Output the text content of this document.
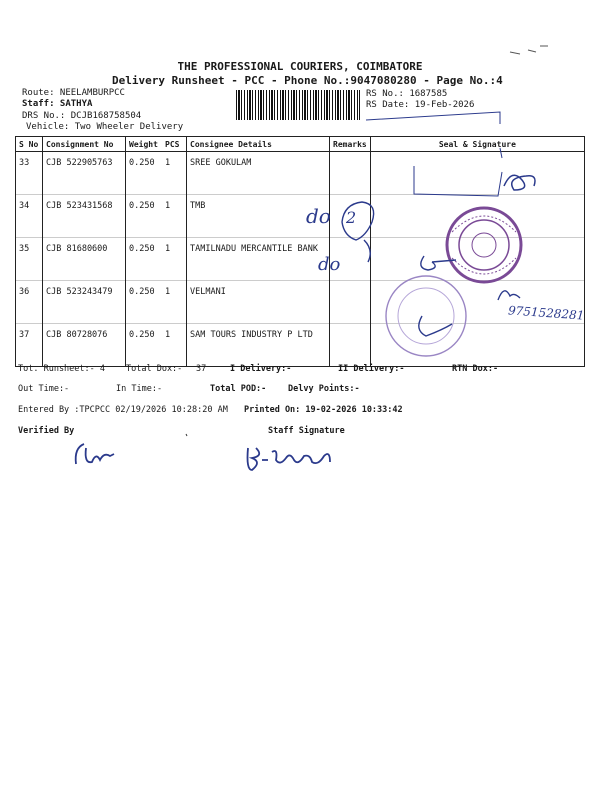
THE PROFESSIONAL COURIERS, COIMBATORE
Delivery Runsheet - PCC - Phone No.:9047080280 - Page No.:4
Route: NEELAMBURPCC
Staff: SATHYA
DRS No.: DCJB168758504
Vehicle: Two Wheeler Delivery
RS No.: 1687585
RS Date: 19-Feb-2026
S No	Consignment No	Weight	PCS	Consignee Details	Remarks	Seal & Signature
33	CJB 522905763	0.250	1	SREE GOKULAM		
34	CJB 523431568	0.250	1	TMB		
35	CJB 81680600	0.250	1	TAMILNADU MERCANTILE BANK		
36	CJB 523243479	0.250	1	VELMANI		
37	CJB 80728076	0.250	1	SAM TOURS INDUSTRY P LTD		
Tot. Runsheet:- 4 Total Dox:- 37	I Delivery:-	II Delivery:-	RTN Dox:-
Out Time:-	In Time:-	Total POD:-	Delvy Points:-
Entered By :TPCPCC 02/19/2026 10:28:20 AM Printed On: 19-02-2026 10:33:42
Verified By	Staff Signature
do 2
do
9751528281
